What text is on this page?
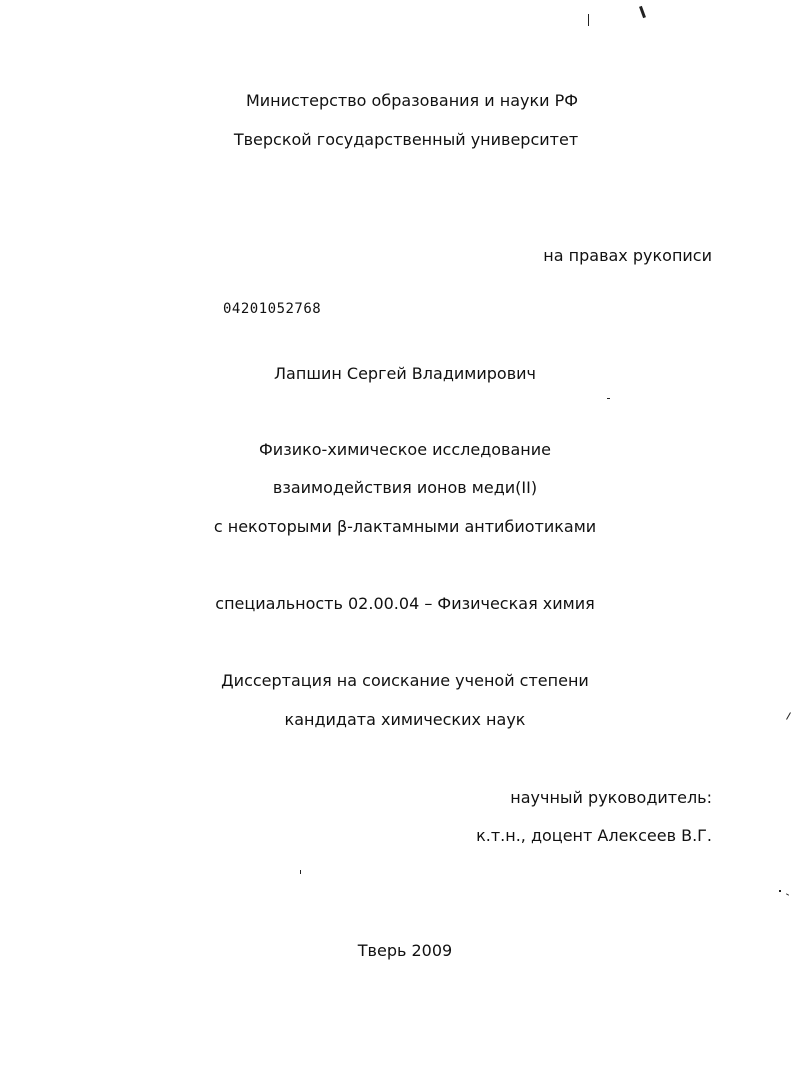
Министерство образования и науки РФ
Тверской государственный университет
на правах рукописи
04201052768
Лапшин Сергей Владимирович
Физико-химическое исследование
взаимодействия ионов меди(II)
с некоторыми β-лактамными антибиотиками
специальность 02.00.04 – Физическая химия
Диссертация на соискание ученой степени
кандидата химических наук
научный руководитель:
к.т.н., доцент Алексеев В.Г.
Тверь 2009
